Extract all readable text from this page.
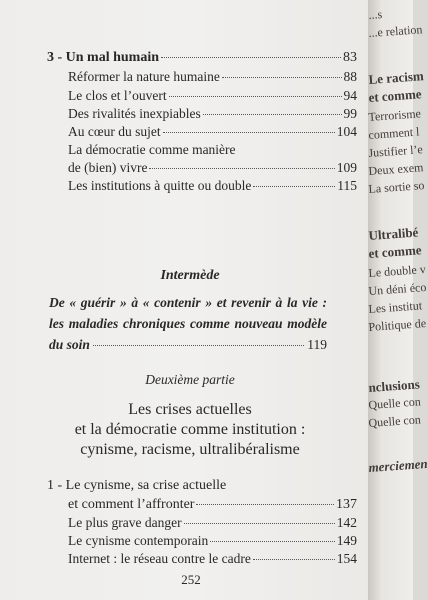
3 - Un mal humain	83
Réformer la nature humaine	88
Le clos et l’ouvert	94
Des rivalités inexpiables	99
Au cœur du sujet	104
La démocratie comme manière
de (bien) vivre	109
Les institutions à quitte ou double	115
Intermède
De « guérir » à « contenir » et revenir à la vie :
les maladies chroniques comme nouveau modèle
du soin	119
Deuxième partie
Les crises actuelles
et la démocratie comme institution :
cynisme, racisme, ultralibéralisme
1 - Le cynisme, sa crise actuelle
et comment l’affronter	137
Le plus grave danger	142
Le cynisme contemporain	149
Internet : le réseau contre le cadre	154
252
...s
...e relation
Le racism
et comme
Terrorisme
comment l
Justifier l’e
Deux exem
La sortie so
Ultralibé
et comme
Le double v
Un déni éco
Les institut
Politique de
nclusions
Quelle con
Quelle con
merciemen
